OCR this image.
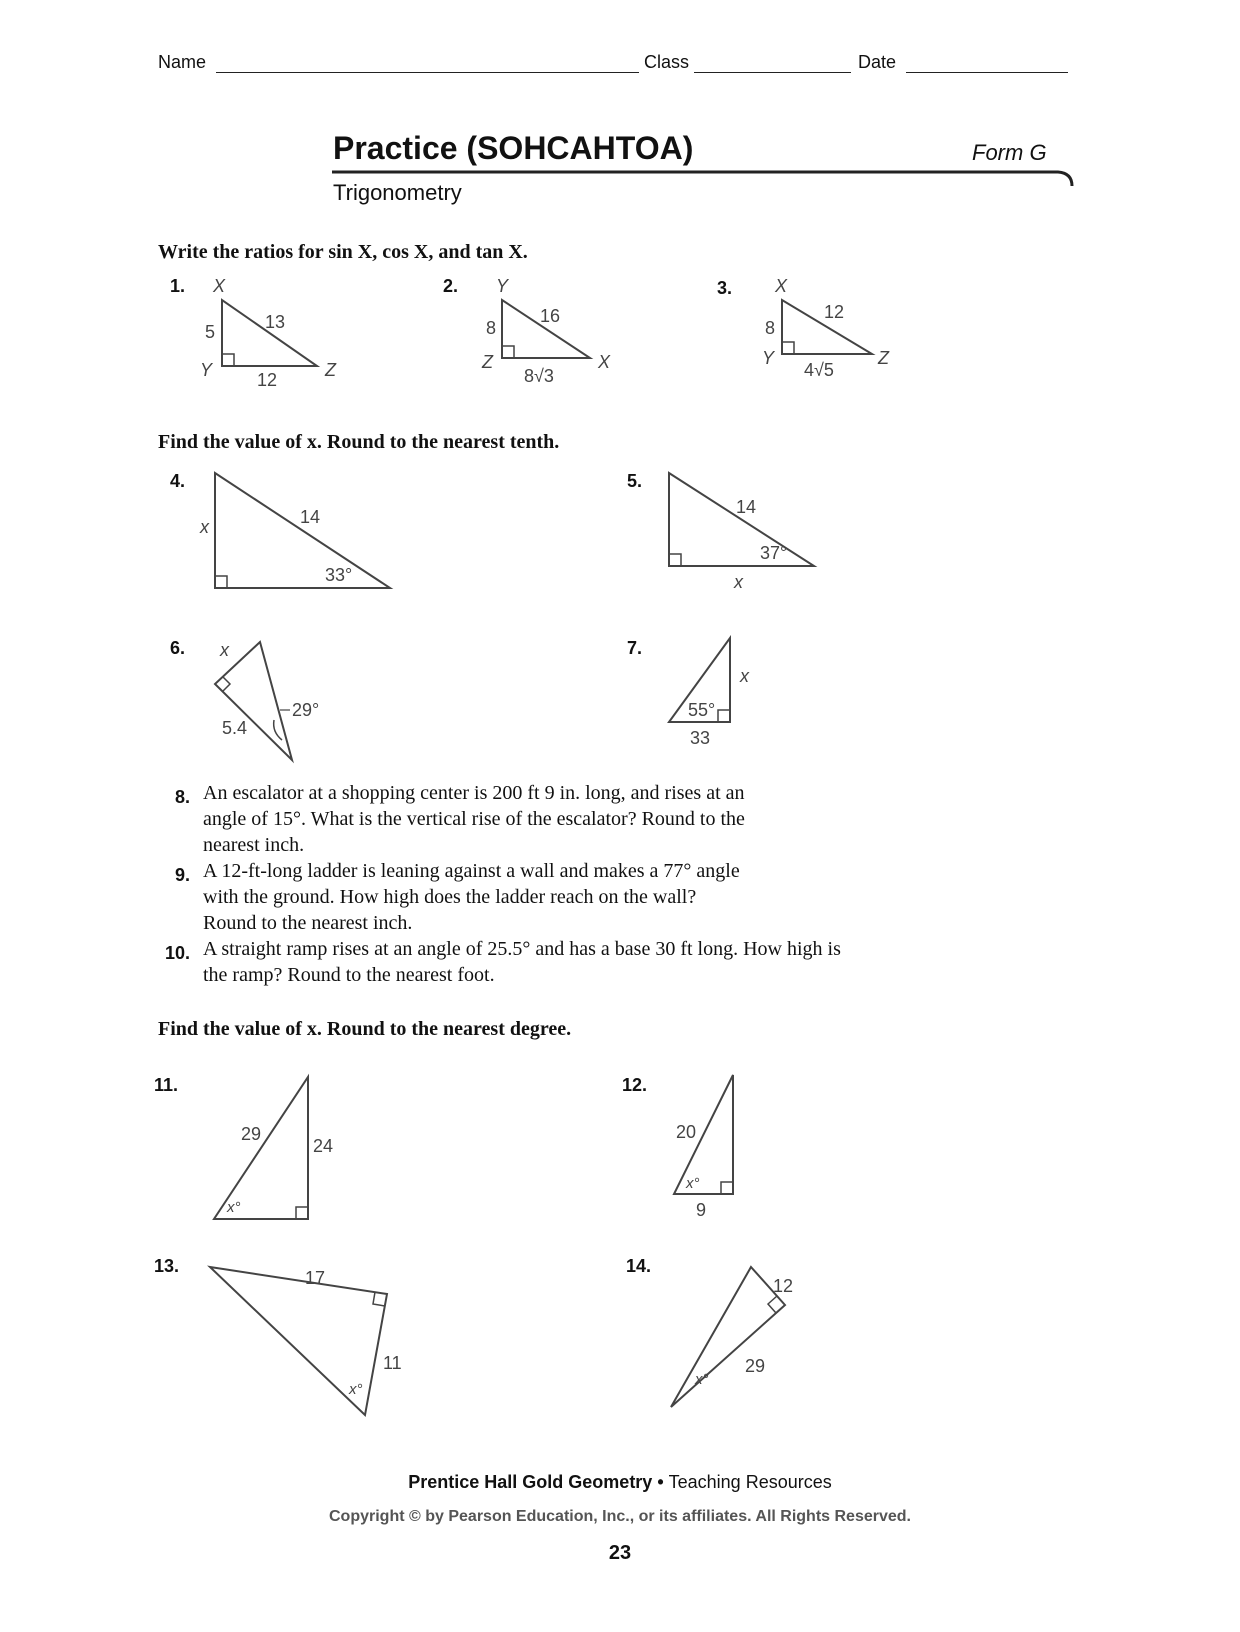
Name	Class	Date
Practice (SOHCAHTOA)	Form G
Trigonometry
Write the ratios for sin X, cos X, and tan X.
1. X
Y	Z
5	13
12
2. Y
Z	X
8
16
8√3
3. X
Y	Z
8
12
4√5
Find the value of x. Round to the nearest tenth.
4.
x	14
33°
5.
14
37°
x
6. x
5.4
29°
7.
x
55°
33
8. An escalator at a shopping center is 200 ft 9 in. long, and rises at an
angle of 15°. What is the vertical rise of the escalator? Round to the
nearest inch.
9. A 12-ft-long ladder is leaning against a wall and makes a 77° angle
with the ground. How high does the ladder reach on the wall?
Round to the nearest inch.
10. A straight ramp rises at an angle of 25.5° and has a base 30 ft long. How high is
the ramp? Round to the nearest foot.
Find the value of x. Round to the nearest degree.
11.
29
24
x°
12.
20
x°
9
13.
17
11
x°
14.
12
29
x°
Prentice Hall Gold Geometry • Teaching Resources
Copyright © by Pearson Education, Inc., or its affiliates. All Rights Reserved.
23
